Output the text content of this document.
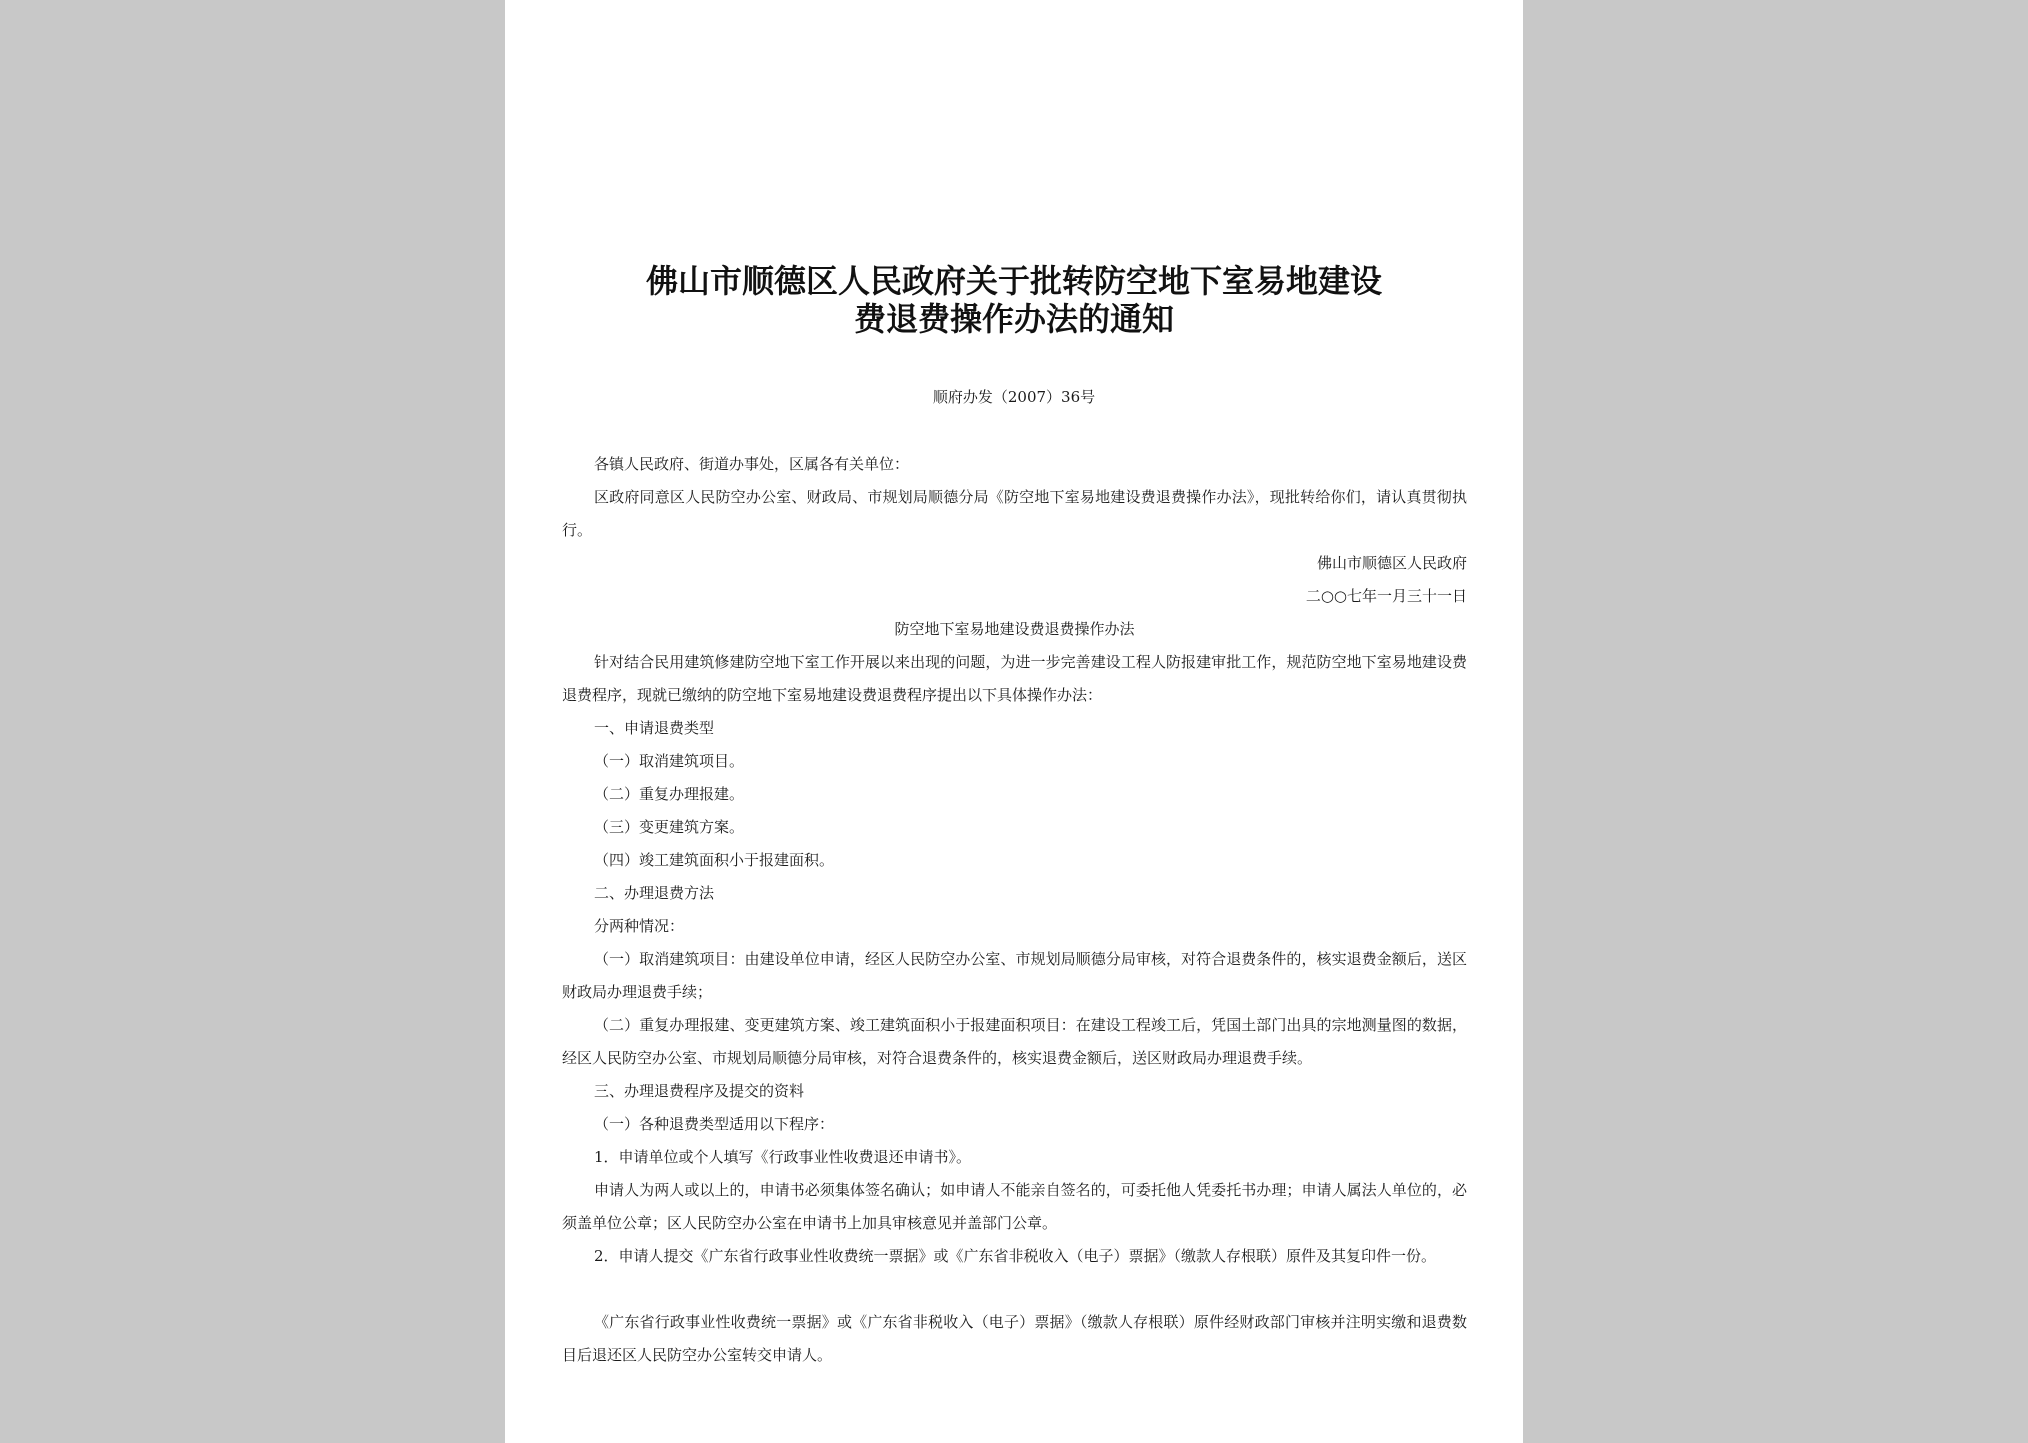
佛山市顺德区人民政府关于批转防空地下室易地建设
费退费操作办法的通知
顺府办发（2007）36号

各镇人民政府、街道办事处，区属各有关单位：

区政府同意区人民防空办公室、财政局、市规划局顺德分局《防空地下室易地建设费退费操作办法》，现批转给你们，请认真贯彻执行。

佛山市顺德区人民政府

二○○七年一月三十一日

防空地下室易地建设费退费操作办法

针对结合民用建筑修建防空地下室工作开展以来出现的问题，为进一步完善建设工程人防报建审批工作，规范防空地下室易地建设费退费程序，现就已缴纳的防空地下室易地建设费退费程序提出以下具体操作办法：

一、申请退费类型

（一）取消建筑项目。

（二）重复办理报建。

（三）变更建筑方案。

（四）竣工建筑面积小于报建面积。

二、办理退费方法

分两种情况：

（一）取消建筑项目：由建设单位申请，经区人民防空办公室、市规划局顺德分局审核，对符合退费条件的，核实退费金额后，送区财政局办理退费手续；

（二）重复办理报建、变更建筑方案、竣工建筑面积小于报建面积项目：在建设工程竣工后，凭国土部门出具的宗地测量图的数据，经区人民防空办公室、市规划局顺德分局审核，对符合退费条件的，核实退费金额后，送区财政局办理退费手续。

三、办理退费程序及提交的资料

（一）各种退费类型适用以下程序：

1．申请单位或个人填写《行政事业性收费退还申请书》。

申请人为两人或以上的，申请书必须集体签名确认；如申请人不能亲自签名的，可委托他人凭委托书办理；申请人属法人单位的，必须盖单位公章；区人民防空办公室在申请书上加具审核意见并盖部门公章。

2．申请人提交《广东省行政事业性收费统一票据》或《广东省非税收入（电子）票据》（缴款人存根联）原件及其复印件一份。

《广东省行政事业性收费统一票据》或《广东省非税收入（电子）票据》（缴款人存根联）原件经财政部门审核并注明实缴和退费数目后退还区人民防空办公室转交申请人。
